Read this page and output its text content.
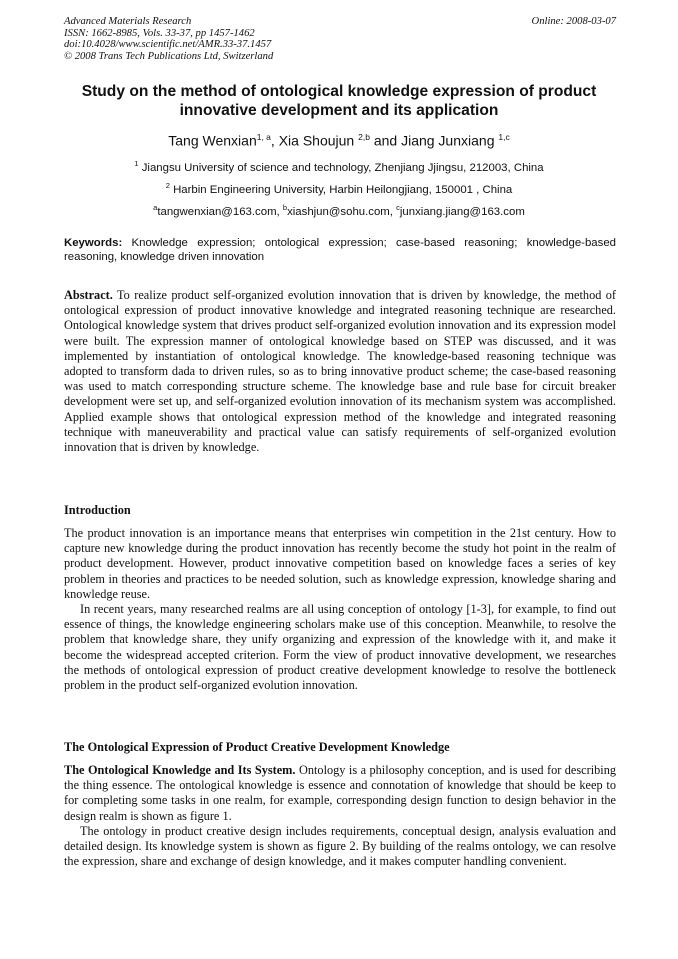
Advanced Materials Research
ISSN: 1662-8985, Vols. 33-37, pp 1457-1462
doi:10.4028/www.scientific.net/AMR.33-37.1457
© 2008 Trans Tech Publications Ltd, Switzerland
Online: 2008-03-07
Study on the method of ontological knowledge expression of product innovative development and its application
Tang Wenxian$^{1, a}$, Xia Shoujun $^{2,b}$ and Jiang Junxiang $^{1,c}$
$^1$ Jiangsu University of science and technology, Zhenjiang Jjingsu, 212003, China
$^2$ Harbin Engineering University, Harbin Heilongjiang, 150001 , China
$^a$tangwenxian@163.com, $^b$xiashjun@sohu.com, $^c$junxiang.jiang@163.com
Keywords: Knowledge expression; ontological expression; case-based reasoning; knowledge-based reasoning, knowledge driven innovation
Abstract. To realize product self-organized evolution innovation that is driven by knowledge, the method of ontological expression of product innovative knowledge and integrated reasoning technique are researched. Ontological knowledge system that drives product self-organized evolution innovation and its expression model were built. The expression manner of ontological knowledge based on STEP was discussed, and it was implemented by instantiation of ontological knowledge. The knowledge-based reasoning technique was adopted to transform dada to driven rules, so as to bring innovative product scheme; the case-based reasoning was used to match corresponding structure scheme. The knowledge base and rule base for circuit breaker development were set up, and self-organized evolution innovation of its mechanism system was accomplished. Applied example shows that ontological expression method of the knowledge and integrated reasoning technique with maneuverability and practical value can satisfy requirements of self-organized evolution innovation that is driven by knowledge.
Introduction

The product innovation is an importance means that enterprises win competition in the 21st century. How to capture new knowledge during the product innovation has recently become the study hot point in the realm of product development. However, product innovative competition based on knowledge faces a series of key problem in theories and practices to be needed solution, such as knowledge expression, knowledge sharing and knowledge reuse.

In recent years, many researched realms are all using conception of ontology [1-3], for example, to find out essence of things, the knowledge engineering scholars make use of this conception. Meanwhile, to resolve the problem that knowledge share, they unify organizing and expression of the knowledge with it, and make it become the widespread accepted criterion. Form the view of product innovative development, we researches the methods of ontological expression of product creative development knowledge to resolve the bottleneck problem in the product self-organized evolution innovation.

The Ontological Expression of Product Creative Development Knowledge

The Ontological Knowledge and Its System. Ontology is a philosophy conception, and is used for describing the thing essence. The ontological knowledge is essence and connotation of knowledge that should be keep to for completing some tasks in one realm, for example, corresponding design function to design behavior in the design realm is shown as figure 1.

The ontology in product creative design includes requirements, conceptual design, analysis evaluation and detailed design. Its knowledge system is shown as figure 2. By building of the realms ontology, we can resolve the expression, share and exchange of design knowledge, and it makes computer handling convenient.
